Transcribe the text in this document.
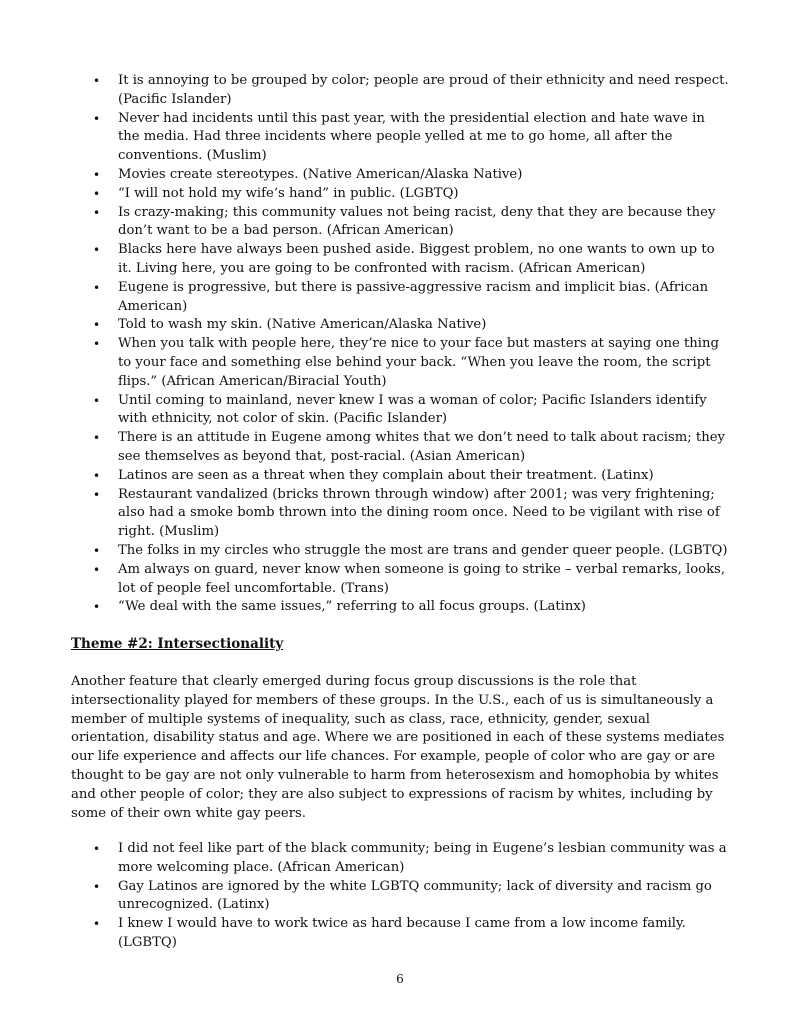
• It is annoying to be grouped by color; people are proud of their ethnicity and need respect. (Pacific Islander)
• Never had incidents until this past year, with the presidential election and hate wave in the media. Had three incidents where people yelled at me to go home, all after the conventions. (Muslim)
• Movies create stereotypes. (Native American/Alaska Native)
• “I will not hold my wife’s hand” in public. (LGBTQ)
• Is crazy-making; this community values not being racist, deny that they are because they don’t want to be a bad person. (African American)
• Blacks here have always been pushed aside. Biggest problem, no one wants to own up to it. Living here, you are going to be confronted with racism. (African American)
• Eugene is progressive, but there is passive-aggressive racism and implicit bias. (African American)
• Told to wash my skin. (Native American/Alaska Native)
• When you talk with people here, they’re nice to your face but masters at saying one thing to your face and something else behind your back. “When you leave the room, the script flips.” (African American/Biracial Youth)
• Until coming to mainland, never knew I was a woman of color; Pacific Islanders identify with ethnicity, not color of skin. (Pacific Islander)
• There is an attitude in Eugene among whites that we don’t need to talk about racism; they see themselves as beyond that, post-racial. (Asian American)
• Latinos are seen as a threat when they complain about their treatment. (Latinx)
• Restaurant vandalized (bricks thrown through window) after 2001; was very frightening; also had a smoke bomb thrown into the dining room once. Need to be vigilant with rise of right. (Muslim)
• The folks in my circles who struggle the most are trans and gender queer people. (LGBTQ)
• Am always on guard, never know when someone is going to strike – verbal remarks, looks, lot of people feel uncomfortable. (Trans)
• “We deal with the same issues,” referring to all focus groups. (Latinx)
Theme #2: Intersectionality

Another feature that clearly emerged during focus group discussions is the role that intersectionality played for members of these groups. In the U.S., each of us is simultaneously a member of multiple systems of inequality, such as class, race, ethnicity, gender, sexual orientation, disability status and age. Where we are positioned in each of these systems mediates our life experience and affects our life chances. For example, people of color who are gay or are thought to be gay are not only vulnerable to harm from heterosexism and homophobia by whites and other people of color; they are also subject to expressions of racism by whites, including by some of their own white gay peers.

• I did not feel like part of the black community; being in Eugene’s lesbian community was a more welcoming place. (African American)
• Gay Latinos are ignored by the white LGBTQ community; lack of diversity and racism go unrecognized. (Latinx)
• I knew I would have to work twice as hard because I came from a low income family. (LGBTQ)
6
